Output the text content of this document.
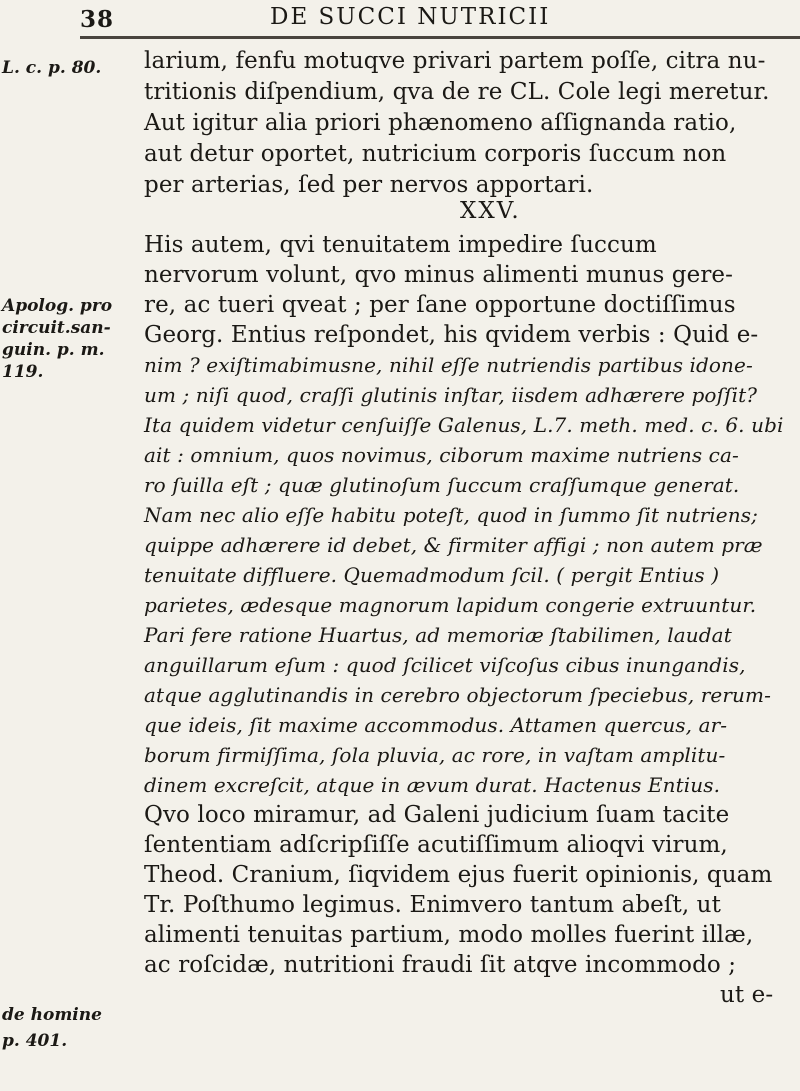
38	DE SUCCI NUTRICII
L. c. p. 80.
Apolog. pro
circuit.san-
guin. p. m.
119.
de homine
p. 401.
larium, fenfu motuqve privari partem poſſe, citra nu-
tritionis diſpendium, qva de re CL. Cole legi meretur.
Aut igitur alia priori phænomeno aſſignanda ratio,
aut detur oportet, nutricium corporis ſuccum non
per arterias, ſed per nervos apportari.
XXV.
His autem, qvi tenuitatem impedire ſuccum
nervorum volunt, qvo minus alimenti munus gere-
re, ac tueri qveat ; per ſane opportune doctiſſimus
Georg. Entius reſpondet, his qvidem verbis : Quid e-
nim ? exiſtimabimusne, nihil eſſe nutriendis partibus idone-
um ; niſi quod, craſſi glutinis inſtar, iisdem adhærere poſſit?
Ita quidem videtur cenſuiſſe Galenus, L.7. meth. med. c. 6. ubi
ait : omnium, quos novimus, ciborum maxime nutriens ca-
ro ſuilla eſt ; quæ glutinoſum ſuccum craſſumque generat.
Nam nec alio eſſe habitu poteſt, quod in ſummo ſit nutriens;
quippe adhærere id debet, & firmiter affigi ; non autem præ
tenuitate diffluere. Quemadmodum ſcil. ( pergit Entius )
parietes, ædesque magnorum lapidum congerie extruuntur.
Pari fere ratione Huartus, ad memoriæ ſtabilimen, laudat
anguillarum eſum : quod ſcilicet viſcoſus cibus inungandis,
atque agglutinandis in cerebro objectorum ſpeciebus, rerum-
que ideis, ſit maxime accommodus. Attamen quercus, ar-
borum firmiſſima, ſola pluvia, ac rore, in vaſtam amplitu-
dinem excreſcit, atque in ævum durat. Hactenus Entius.
Qvo loco miramur, ad Galeni judicium ſuam tacite
ſententiam adſcripſiſſe acutiſſimum alioqvi virum,
Theod. Cranium, ſiqvidem ejus fuerit opinionis, quam
Tr. Poſthumo legimus. Enimvero tantum abeſt, ut
alimenti tenuitas partium, modo molles fuerint illæ,
ac roſcidæ, nutritioni fraudi ſit atqve incommodo ;
ut e-
